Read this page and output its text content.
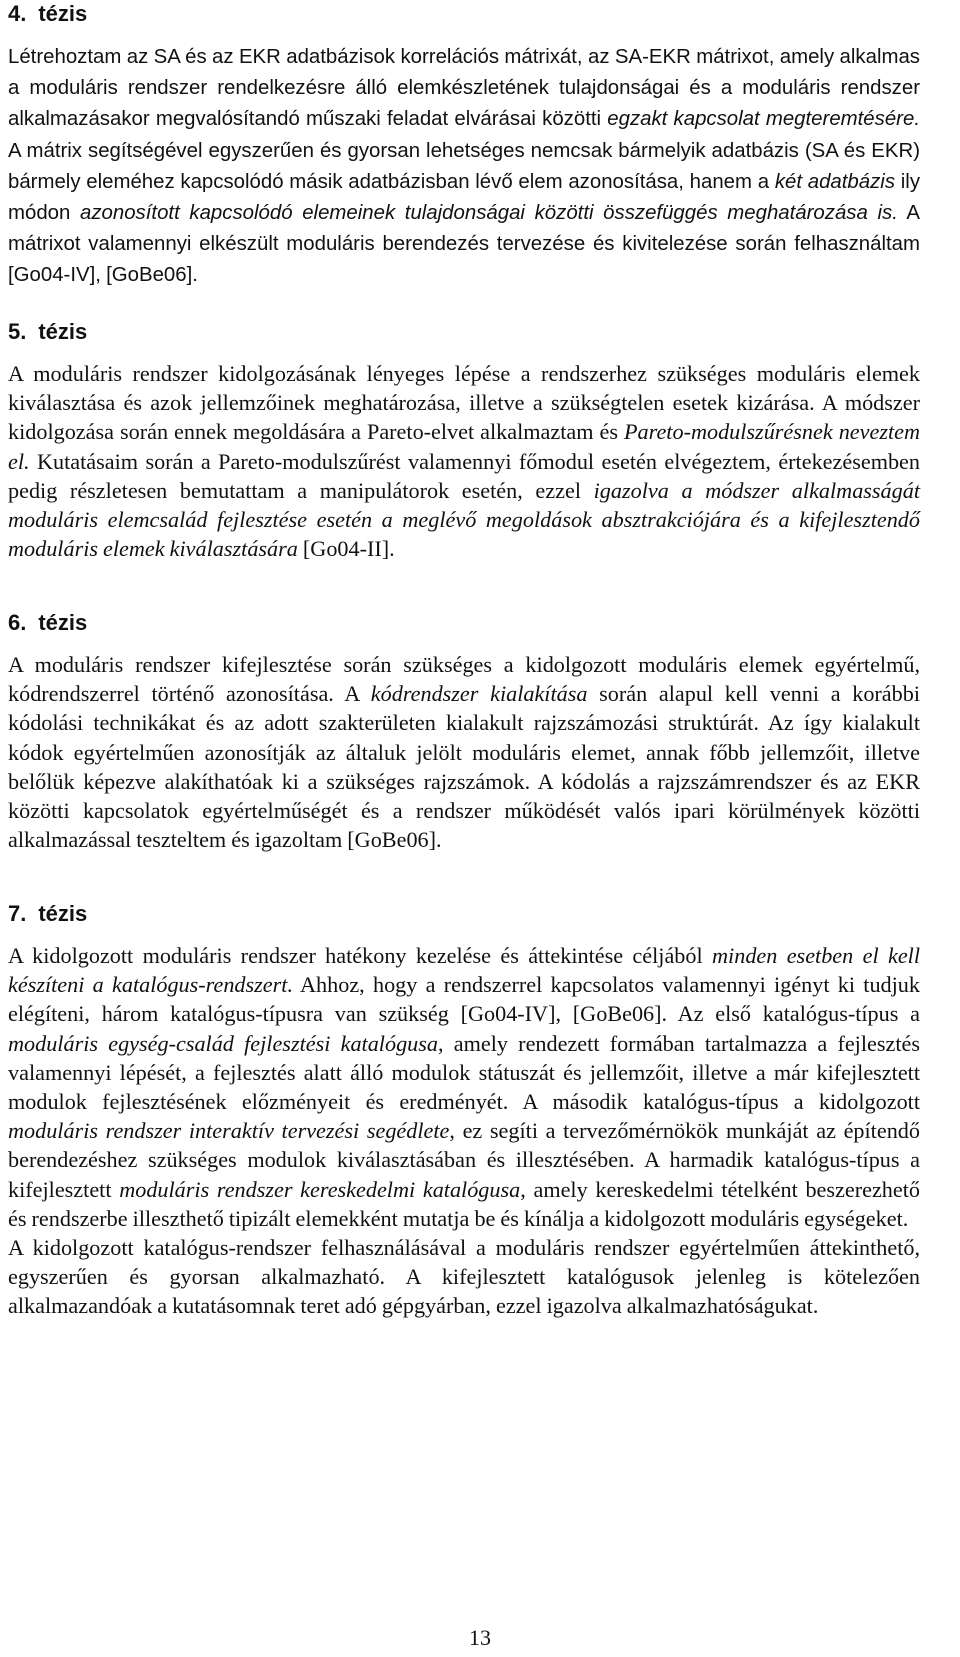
4. tézis

Létrehoztam az SA és az EKR adatbázisok korrelációs mátrixát, az SA-EKR mátrixot, amely alkalmas a moduláris rendszer rendelkezésre álló elemkészletének tulajdonságai és a moduláris rendszer alkalmazásakor megvalósítandó műszaki feladat elvárásai közötti egzakt kapcsolat megteremtésére. A mátrix segítségével egyszerűen és gyorsan lehetséges nemcsak bármelyik adatbázis (SA és EKR) bármely eleméhez kapcsolódó másik adatbázisban lévő elem azonosítása, hanem a két adatbázis ily módon azonosított kapcsolódó elemeinek tulajdonságai közötti összefüggés meghatározása is. A mátrixot valamennyi elkészült moduláris berendezés tervezése és kivitelezése során felhasználtam [Go04-IV], [GoBe06].

5. tézis

A moduláris rendszer kidolgozásának lényeges lépése a rendszerhez szükséges moduláris elemek kiválasztása és azok jellemzőinek meghatározása, illetve a szükségtelen esetek kizárása. A módszer kidolgozása során ennek megoldására a Pareto-elvet alkalmaztam és Pareto-modulszűrésnek neveztem el. Kutatásaim során a Pareto-modulszűrést valamennyi főmodul esetén elvégeztem, értekezésemben pedig részletesen bemutattam a manipulátorok esetén, ezzel igazolva a módszer alkalmasságát moduláris elemcsalád fejlesztése esetén a meglévő megoldások absztrakciójára és a kifejlesztendő moduláris elemek kiválasztására [Go04-II].

6. tézis

A moduláris rendszer kifejlesztése során szükséges a kidolgozott moduláris elemek egyértelmű, kódrendszerrel történő azonosítása. A kódrendszer kialakítása során alapul kell venni a korábbi kódolási technikákat és az adott szakterületen kialakult rajzszámozási struktúrát. Az így kialakult kódok egyértelműen azonosítják az általuk jelölt moduláris elemet, annak főbb jellemzőit, illetve belőlük képezve alakíthatóak ki a szükséges rajzszámok. A kódolás a rajzszámrendszer és az EKR közötti kapcsolatok egyértelműségét és a rendszer működését valós ipari körülmények közötti alkalmazással teszteltem és igazoltam [GoBe06].

7. tézis

A kidolgozott moduláris rendszer hatékony kezelése és áttekintése céljából minden esetben el kell készíteni a katalógus-rendszert. Ahhoz, hogy a rendszerrel kapcsolatos valamennyi igényt ki tudjuk elégíteni, három katalógus-típusra van szükség [Go04-IV], [GoBe06]. Az első katalógus-típus a moduláris egység-család fejlesztési katalógusa, amely rendezett formában tartalmazza a fejlesztés valamennyi lépését, a fejlesztés alatt álló modulok státuszát és jellemzőit, illetve a már kifejlesztett modulok fejlesztésének előzményeit és eredményét. A második katalógus-típus a kidolgozott moduláris rendszer interaktív tervezési segédlete, ez segíti a tervezőmérnökök munkáját az építendő berendezéshez szükséges modulok kiválasztásában és illesztésében. A harmadik katalógus-típus a kifejlesztett moduláris rendszer kereskedelmi katalógusa, amely kereskedelmi tételként beszerezhető és rendszerbe illeszthető tipizált elemekként mutatja be és kínálja a kidolgozott moduláris egységeket.

A kidolgozott katalógus-rendszer felhasználásával a moduláris rendszer egyértelműen áttekinthető, egyszerűen és gyorsan alkalmazható. A kifejlesztett katalógusok jelenleg is kötelezően alkalmazandóak a kutatásomnak teret adó gépgyárban, ezzel igazolva alkalmazhatóságukat.

13
